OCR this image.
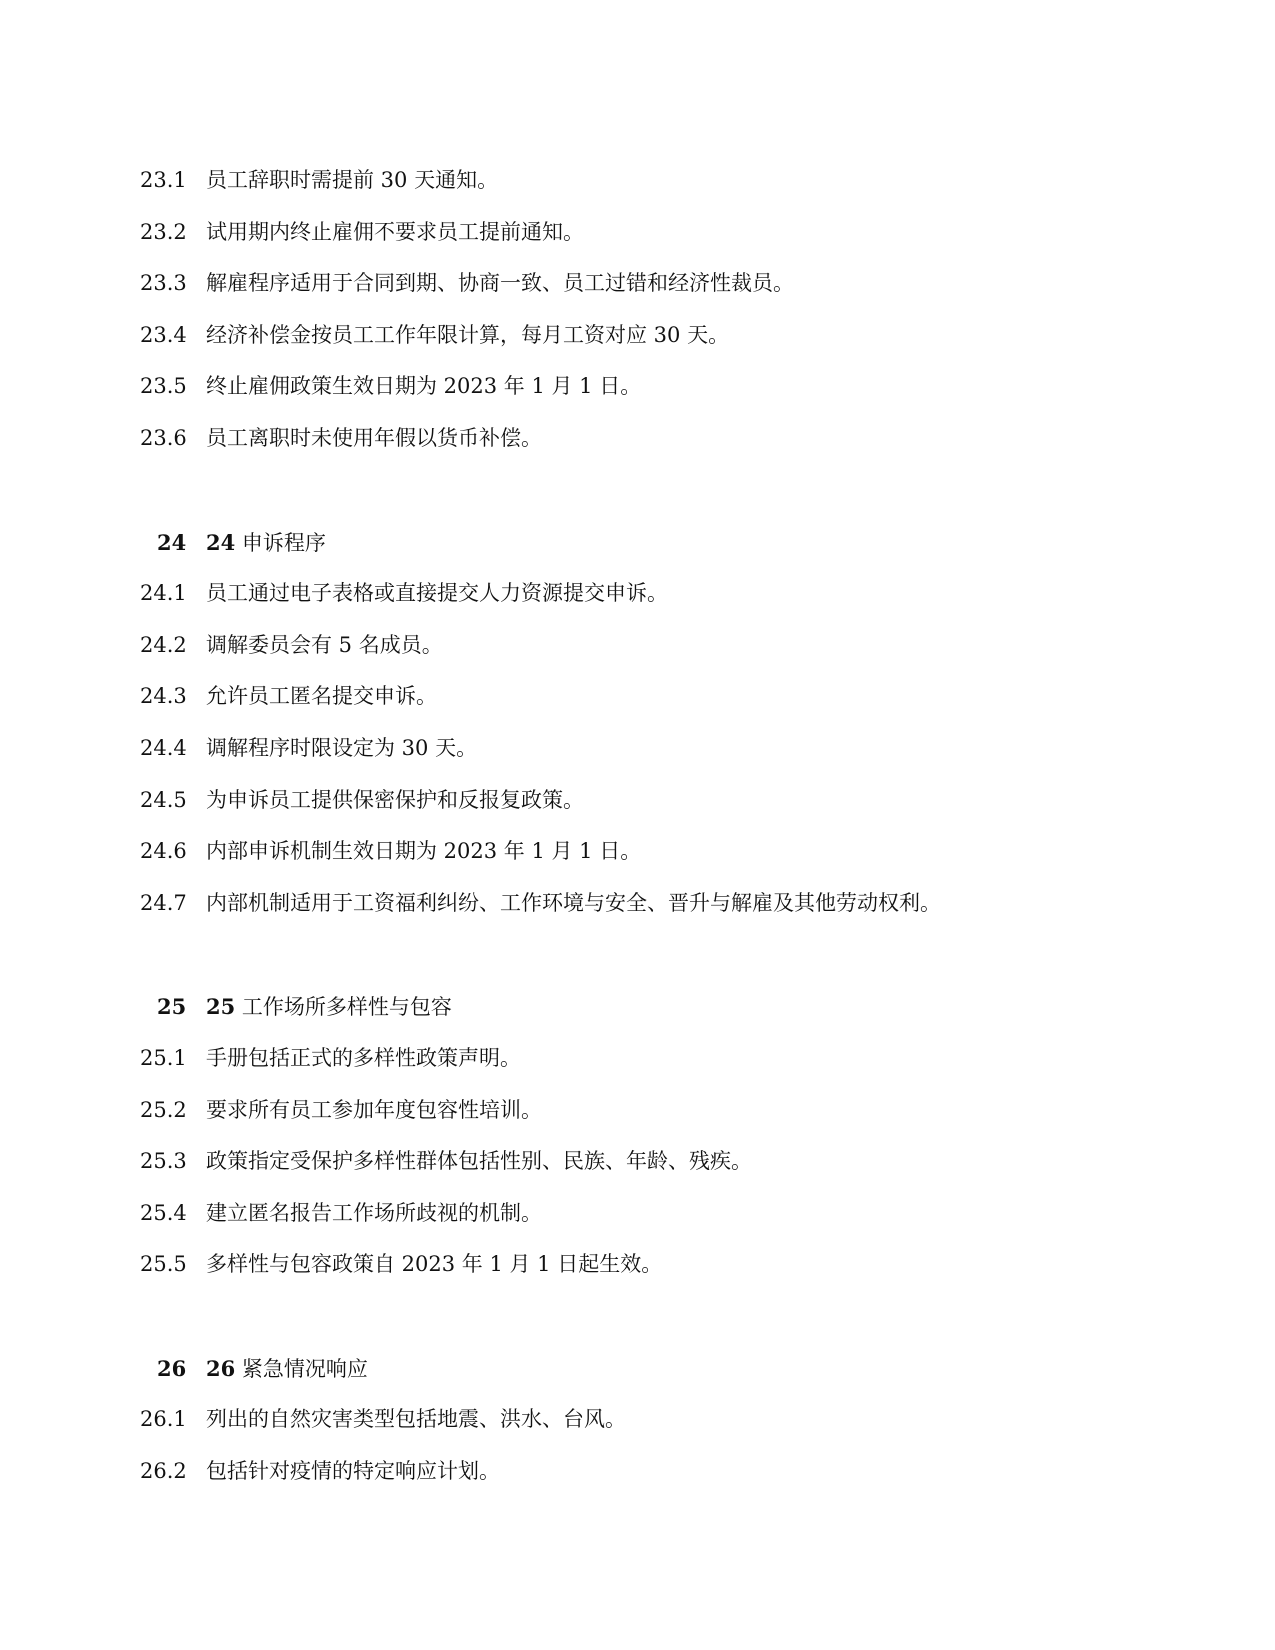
23.1 员工辞职时需提前 30 天通知。
23.2 试用期内终止雇佣不要求员工提前通知。
23.3 解雇程序适用于合同到期、协商一致、员工过错和经济性裁员。
23.4 经济补偿金按员工工作年限计算，每月工资对应 30 天。
23.5 终止雇佣政策生效日期为 2023 年 1 月 1 日。
23.6 员工离职时未使用年假以货币补偿。
24 24 申诉程序
24.1 员工通过电子表格或直接提交人力资源提交申诉。
24.2 调解委员会有 5 名成员。
24.3 允许员工匿名提交申诉。
24.4 调解程序时限设定为 30 天。
24.5 为申诉员工提供保密保护和反报复政策。
24.6 内部申诉机制生效日期为 2023 年 1 月 1 日。
24.7 内部机制适用于工资福利纠纷、工作环境与安全、晋升与解雇及其他劳动权利。
25 25 工作场所多样性与包容
25.1 手册包括正式的多样性政策声明。
25.2 要求所有员工参加年度包容性培训。
25.3 政策指定受保护多样性群体包括性别、民族、年龄、残疾。
25.4 建立匿名报告工作场所歧视的机制。
25.5 多样性与包容政策自 2023 年 1 月 1 日起生效。
26 26 紧急情况响应
26.1 列出的自然灾害类型包括地震、洪水、台风。
26.2 包括针对疫情的特定响应计划。
